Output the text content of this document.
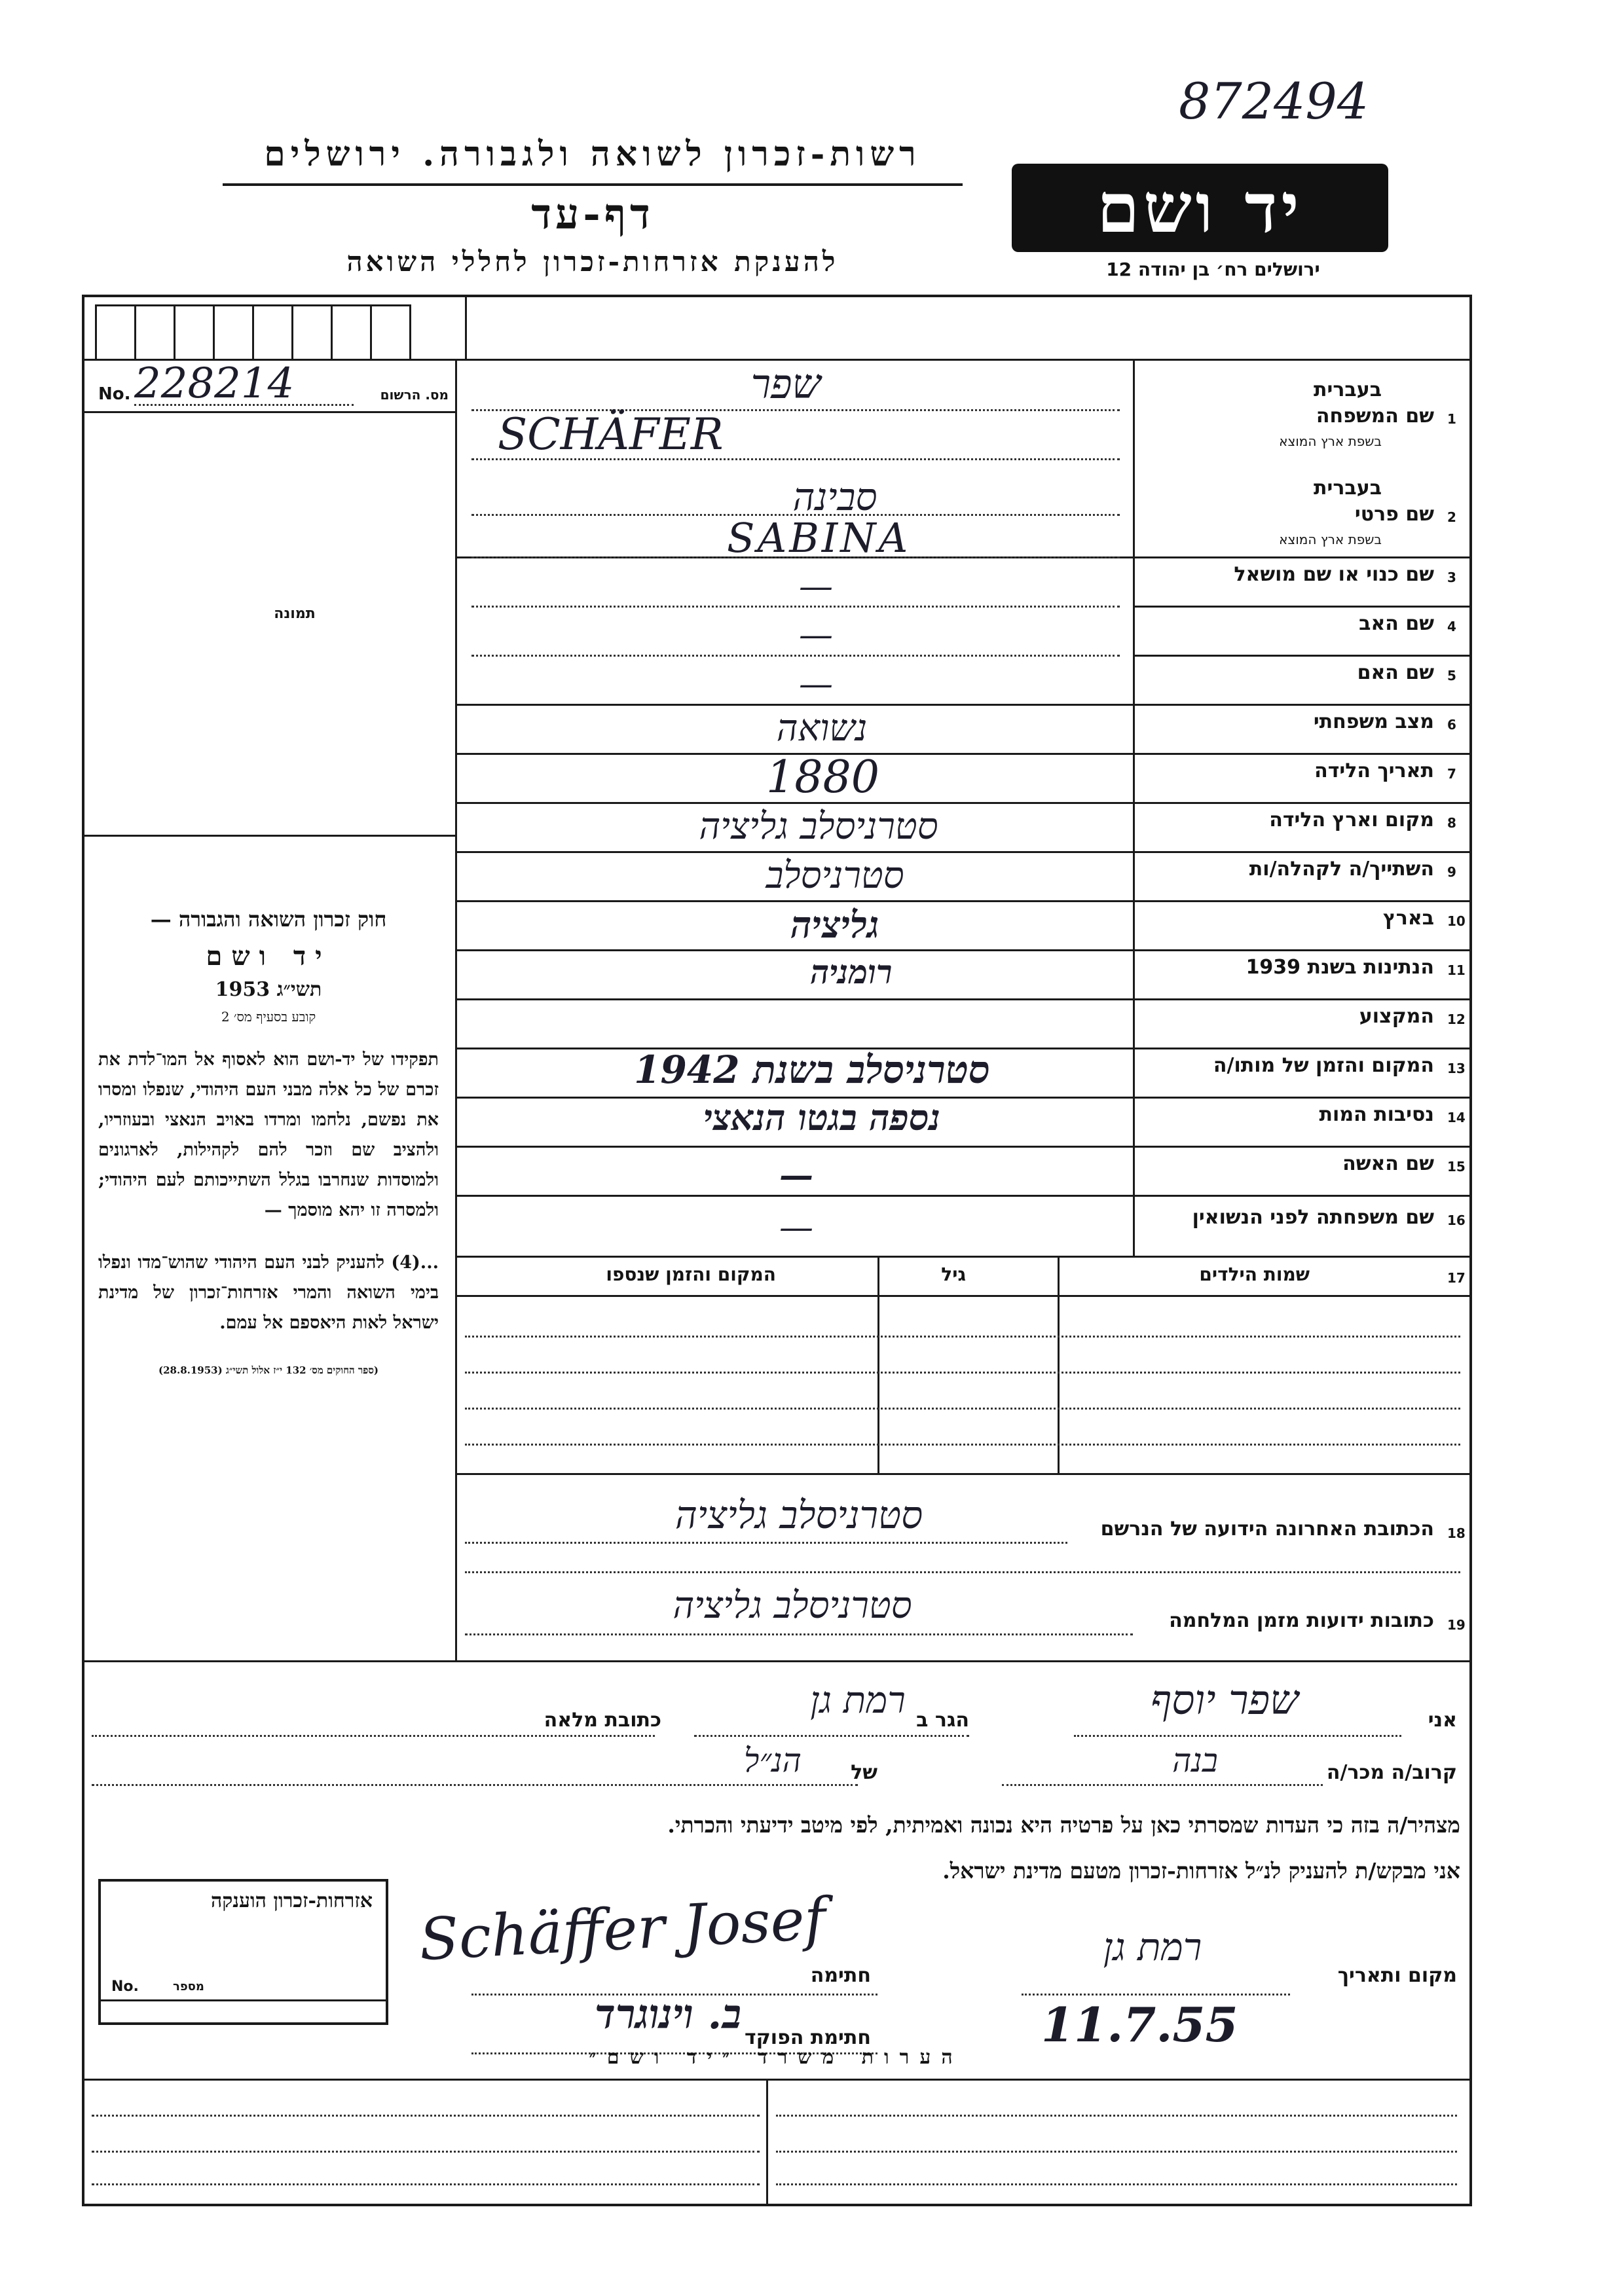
872494
רשות-זכרון לשואה ולגבורה. ירושלים
דף-עד
להענקת אזרחות-זכרון לחללי השואה
יד ושם
ירושלים רח׳ בן יהודה 12
No. 228214	מס. הרשום
תמונה
חוק זכרון השואה והגבורה —
יד ושם
תשי״ג 1953
קובע בסעיף מס׳ 2
תפקידו של יד-ושם הוא לאסוף אל המו־לדת את זכרם של כל אלה מבני העם היהודי, שנפלו ומסרו את נפשם, נלחמו ומרדו באויב הנאצי ובעוזריו, ולהציב שם וזכר להם לקהילות, לארגונים ולמוסדות שנחרבו בגלל השתייכותם לעם היהודי; ולמסרה זו יהא מוסמך —
...(4) להעניק לבני העם היהודי שהוש־מדו ונפלו בימי השואה והמרי אזרחות־זכרון של מדינת ישראל לאות היאספם אל עמם.
(ספר החוקים מס׳ 132 י״ז אלול תשי״ג (28.8.1953)
1
שם המשפחה
בעברית
בשפת ארץ המוצא
שפר
SCHÄFER
2
שם פרטי
בעברית
בשפת ארץ המוצא
סבינה
SABINA
3
שם כנוי או שם מושאל
—
4
שם האב
—
5
שם האם
—
6
מצב משפחתי
נשואה
7
תאריך הלידה
1880
8
מקום וארץ הלידה
סטרניסלב גליציה
9
השתייך/ה לקהלה/ות
סטרניסלב
10
בארץ
גליציה
11
הנתינות בשנת 1939
רומניה
12
המקצוע
13
המקום והזמן של מותו/ה
סטרניסלב בשנת 1942
14
נסיבות המות
נספה בגטו הנאצי
15
שם האשה
—
16
שם משפחתה לפני הנשואין
—
17
שמות הילדים
גיל
המקום והזמן שנספו
18
הכתובת האחרונה הידועה של הנרשם
סטרניסלב גליציה
19
כתובות ידועות מזמן המלחמה
סטרניסלב גליציה
אני
שפר יוסף
הגר ב
רמת גן
כתובת מלאה
קרוב/ה מכר/ה
בנה
של
הנ״ל
מצהיר/ה בזה כי העדות שמסרתי כאן על פרטיה היא נכונה ואמיתית, לפי מיטב ידיעתי והכרתי.
אני מבקש/ת להעניק לנ״ל אזרחות-זכרון מטעם מדינת ישראל.
מקום ותאריך
רמת גן
11.7.55
חתימה
Schäffer Josef
חתימת הפוקד
ב. וינוגרד
אזרחות-זכרון הוענקה
No.	מספר
הערות משרד ״יד ושם״
